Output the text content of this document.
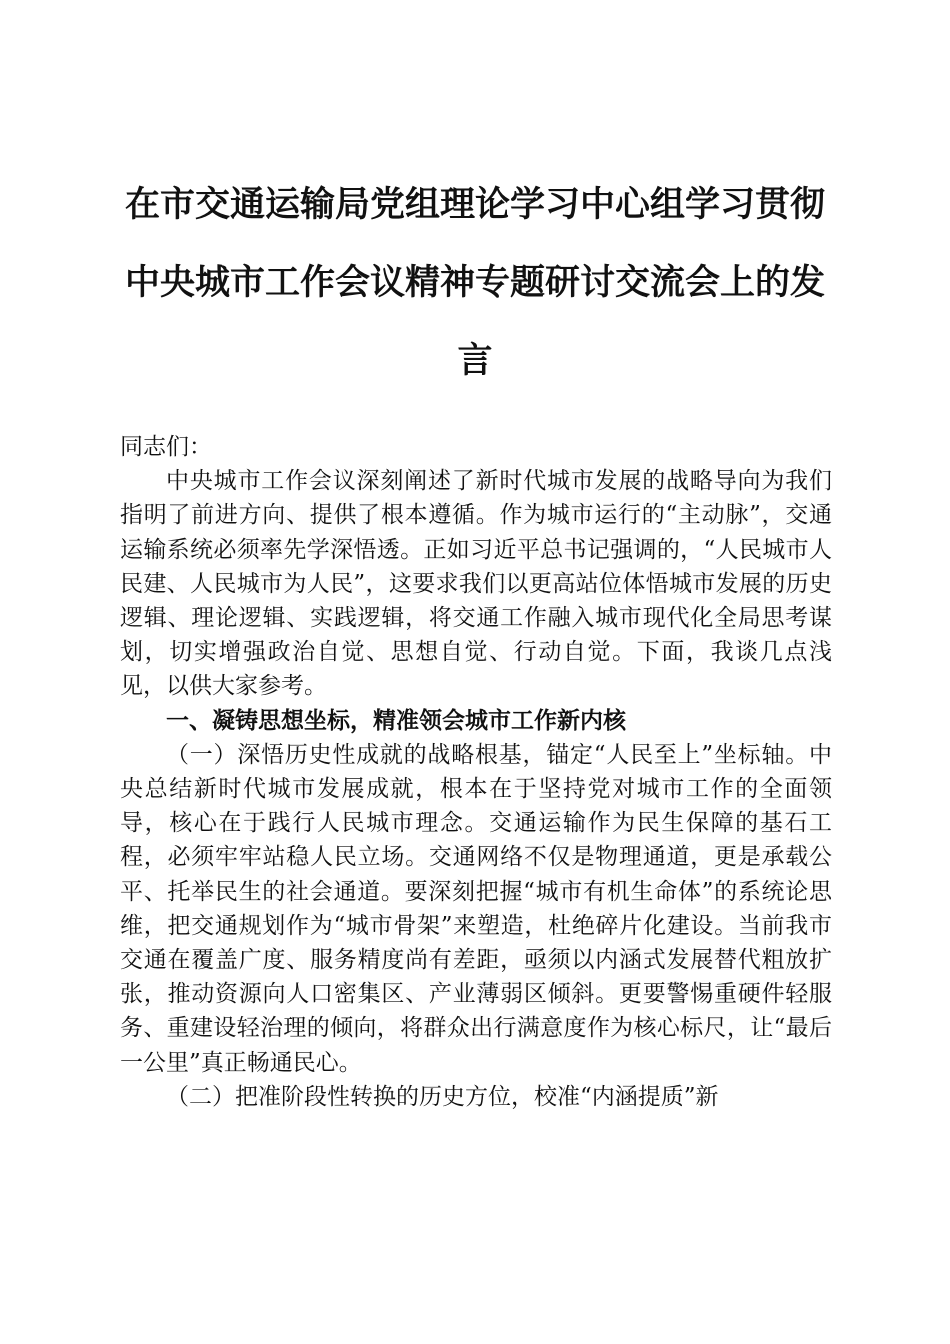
在市交通运输局党组理论学习中心组学习贯彻中央城市工作会议精神专题研讨交流会上的发言

同志们：

中央城市工作会议深刻阐述了新时代城市发展的战略导向为我们指明了前进方向、提供了根本遵循。作为城市运行的“主动脉”，交通运输系统必须率先学深悟透。正如习近平总书记强调的，“人民城市人民建、人民城市为人民”，这要求我们以更高站位体悟城市发展的历史逻辑、理论逻辑、实践逻辑，将交通工作融入城市现代化全局思考谋划，切实增强政治自觉、思想自觉、行动自觉。下面，我谈几点浅见，以供大家参考。

一、凝铸思想坐标，精准领会城市工作新内核

（一）深悟历史性成就的战略根基，锚定“人民至上”坐标轴。中央总结新时代城市发展成就，根本在于坚持党对城市工作的全面领导，核心在于践行人民城市理念。交通运输作为民生保障的基石工程，必须牢牢站稳人民立场。交通网络不仅是物理通道，更是承载公平、托举民生的社会通道。要深刻把握“城市有机生命体”的系统论思维，把交通规划作为“城市骨架”来塑造，杜绝碎片化建设。当前我市交通在覆盖广度、服务精度尚有差距，亟须以内涵式发展替代粗放扩张，推动资源向人口密集区、产业薄弱区倾斜。更要警惕重硬件轻服务、重建设轻治理的倾向，将群众出行满意度作为核心标尺，让“最后一公里”真正畅通民心。

（二）把准阶段性转换的历史方位，校准“内涵提质”新
